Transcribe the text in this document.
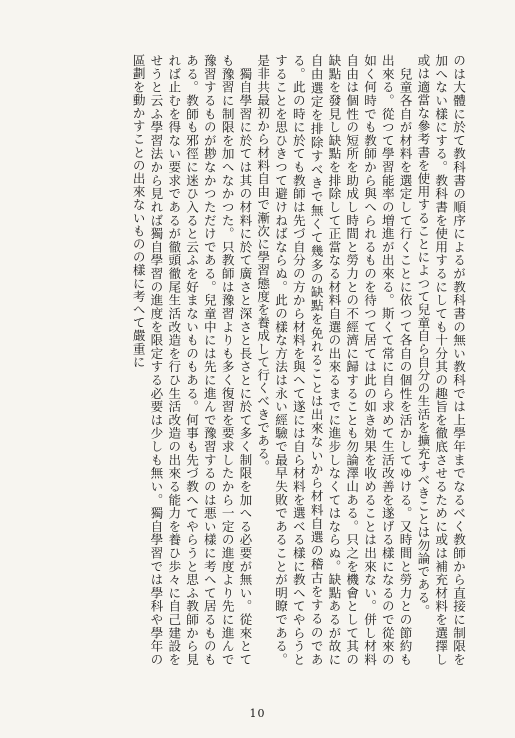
のは大體に於て教科書の順序によるが教科書の無い教科では上學年までなるべく教師から直接に制限を加へない樣にする。教科書を使用するにしても十分其の趣旨を徹底させるために或は補充材料を選擇し或は適當な參考書を使用することによつて兒童自ら自分の生活を擴充すべきことは勿論である。

　兒童各自が材料を選定して行くことに依つて各自の個性を活かしてゆける。又時間と勞力との節約も出來る。從つて學習能率の増進が出來る。斯くて常に自ら求めて生活改善を遂げる樣になるので從來の如く何時でも教師から與へられるものを待つて居ては此の如き効果を收めることは出來ない。併し材料自由は個性の短所を助成し時間と勞力との不經濟に歸することも勿論澤山ある。只之を機會として其の缺點を發見し缺點を排除して正當なる材料自選の出來るまでに進步しなくてはならぬ。缺點あるが故に自由選定を排除すべきで無くて幾多の缺點を免れることは出來ないから材料自選の稽古をするのである。此の時に於ても教師は先づ自分の方から材料を與へて遂には自ら材料を選べる樣に教へてやらうとすることを思ひきつて避けねばならぬ。此の樣な方法は永い經驗で最早失敗であることが明瞭である。是非共最初から材料自由で漸次に學習態度を養成して行くべきである。

　獨自學習に於ては其の材料に於て廣さと深さと長さとに於て多く制限を加へる必要が無い。從來とても豫習に制限を加へなかつた。只教師は豫習よりも多く復習を要求したから一定の進度より先に進んで豫習するものが尠なかつただけである。兒童中には先に進んで豫習するのは悪い樣に考へて居るものもある。教師も邪徑に迷ひ入ると云ふを好まないものもある。何事も先づ教へてやらうと思ふ教師から見れば止むを得ない要求であるが徹頭徹尾生活改造を行ひ生活改造の出來る能力を養ひ歩々に自己建設をせうと云ふ學習法から見れば獨自學習の進度を限定する必要は少しも無い。獨自學習では學科や學年の區劃を動かすことの出來ないものの樣に考へて嚴重に

10
